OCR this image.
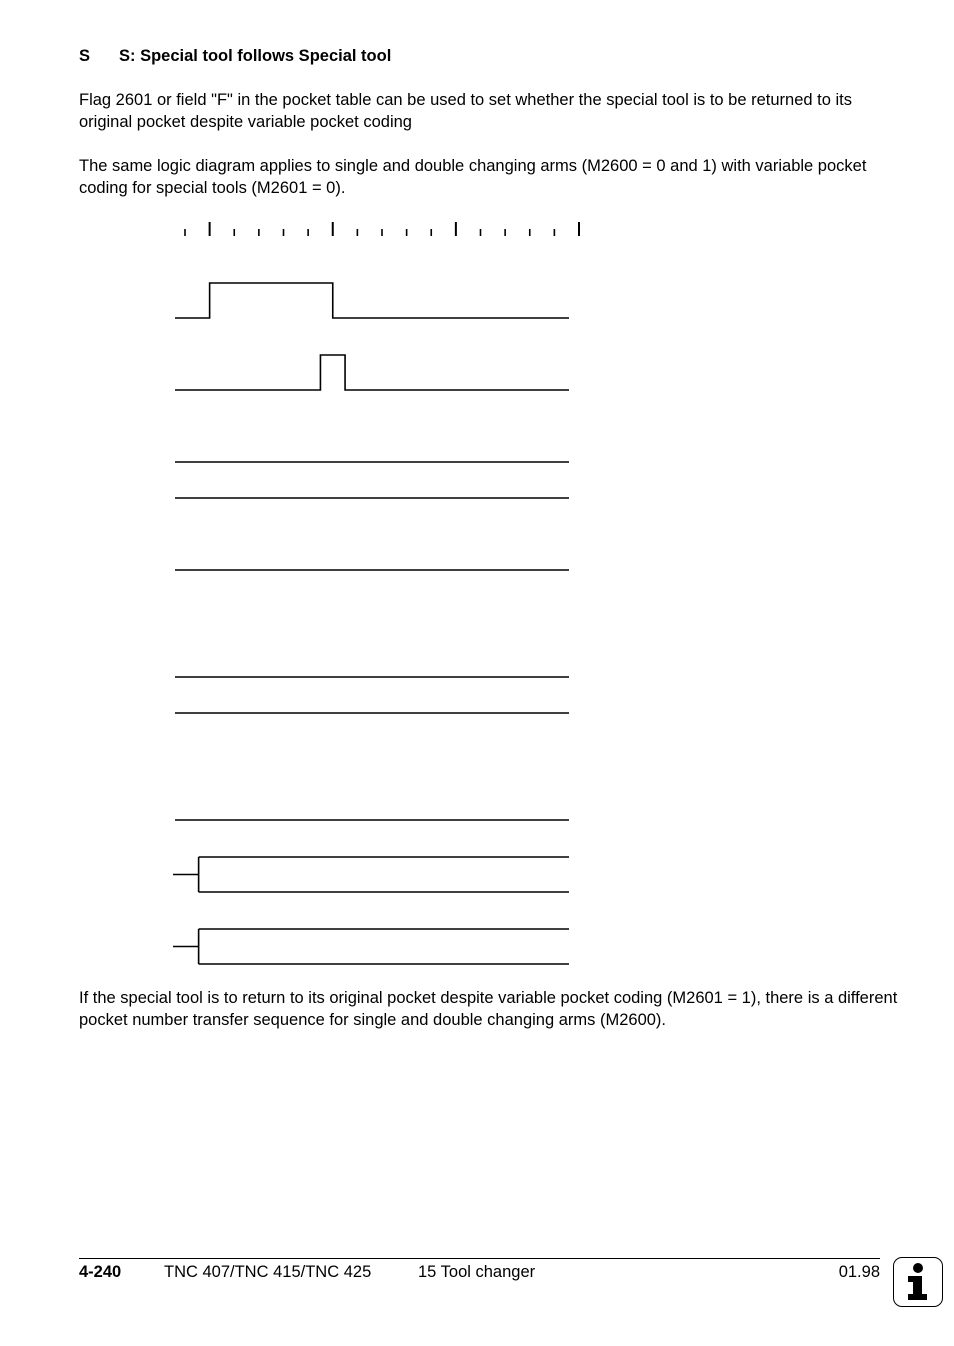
S S: Special tool follows Special tool

Flag 2601 or field "F" in the pocket table can be used to set whether the special tool is to be returned to its original pocket despite variable pocket coding

The same logic diagram applies to single and double changing arms (M2600 = 0 and 1) with variable pocket coding for special tools (M2601 = 0).

If the special tool is to return to its original pocket despite variable pocket coding (M2601 = 1), there is a different pocket number transfer sequence for single and double changing arms (M2600).

4-240	TNC 407/TNC 415/TNC 425	15 Tool changer	01.98
